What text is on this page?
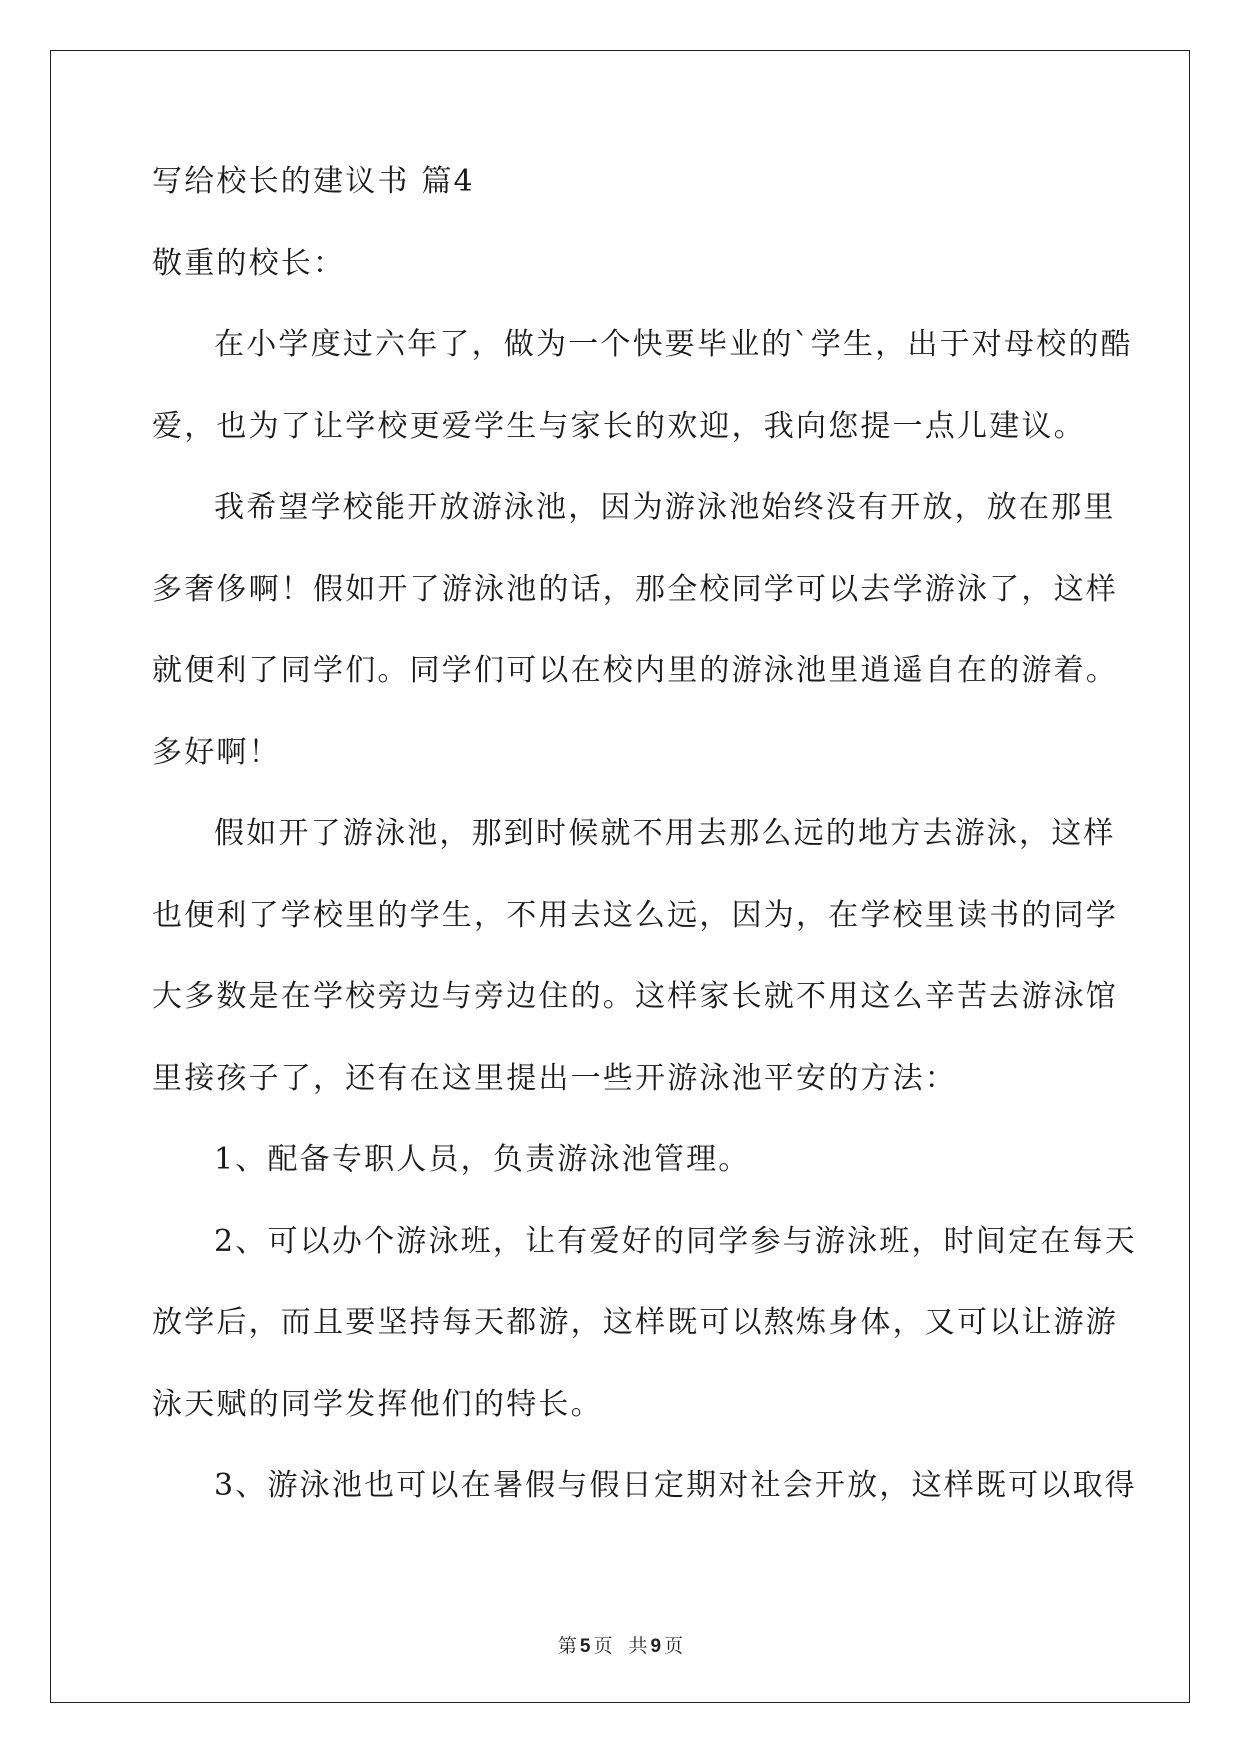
写给校长的建议书 篇4
敬重的校长：
在小学度过六年了，做为一个快要毕业的`学生，出于对母校的酷
爱，也为了让学校更爱学生与家长的欢迎，我向您提一点儿建议。
我希望学校能开放游泳池，因为游泳池始终没有开放，放在那里
多奢侈啊！假如开了游泳池的话，那全校同学可以去学游泳了，这样
就便利了同学们。同学们可以在校内里的游泳池里逍遥自在的游着。
多好啊！
假如开了游泳池，那到时候就不用去那么远的地方去游泳，这样
也便利了学校里的学生，不用去这么远，因为，在学校里读书的同学
大多数是在学校旁边与旁边住的。这样家长就不用这么辛苦去游泳馆
里接孩子了，还有在这里提出一些开游泳池平安的方法：
1、配备专职人员，负责游泳池管理。
2、可以办个游泳班，让有爱好的同学参与游泳班，时间定在每天
放学后，而且要坚持每天都游，这样既可以熬炼身体，又可以让游游
泳天赋的同学发挥他们的特长。
3、游泳池也可以在暑假与假日定期对社会开放，这样既可以取得
第 5 页 共 9 页
